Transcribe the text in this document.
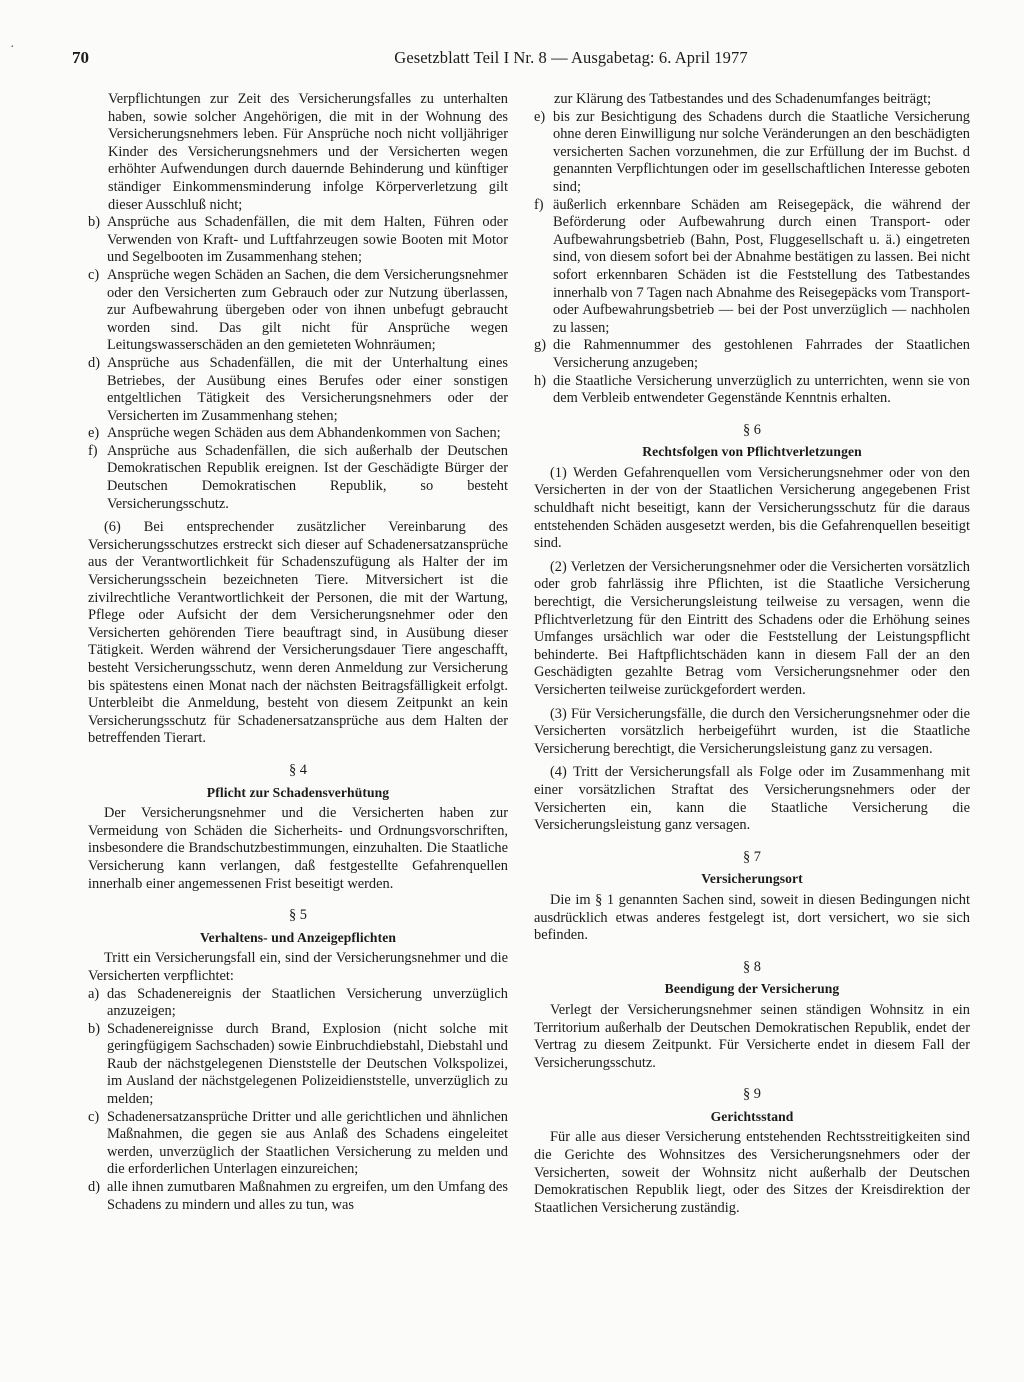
·
70	Gesetzblatt Teil I Nr. 8 — Ausgabetag: 6. April 1977

Verpflichtungen zur Zeit des Versicherungsfalles zu unterhalten haben, sowie solcher Angehörigen, die mit in der Wohnung des Versicherungsnehmers leben. Für Ansprüche noch nicht volljähriger Kinder des Versicherungsnehmers und der Versicherten wegen erhöhter Aufwendungen durch dauernde Behinderung und künftiger ständiger Einkommensminderung infolge Körperverletzung gilt dieser Ausschluß nicht;

b) Ansprüche aus Schadenfällen, die mit dem Halten, Führen oder Verwenden von Kraft- und Luftfahrzeugen sowie Booten mit Motor und Segelbooten im Zusammenhang stehen;
c) Ansprüche wegen Schäden an Sachen, die dem Versicherungsnehmer oder den Versicherten zum Gebrauch oder zur Nutzung überlassen, zur Aufbewahrung übergeben oder von ihnen unbefugt gebraucht worden sind. Das gilt nicht für Ansprüche wegen Leitungswasserschäden an den gemieteten Wohnräumen;
d) Ansprüche aus Schadenfällen, die mit der Unterhaltung eines Betriebes, der Ausübung eines Berufes oder einer sonstigen entgeltlichen Tätigkeit des Versicherungsnehmers oder der Versicherten im Zusammenhang stehen;
e) Ansprüche wegen Schäden aus dem Abhandenkommen von Sachen;
f) Ansprüche aus Schadenfällen, die sich außerhalb der Deutschen Demokratischen Republik ereignen. Ist der Geschädigte Bürger der Deutschen Demokratischen Republik, so besteht Versicherungsschutz.

(6) Bei entsprechender zusätzlicher Vereinbarung des Versicherungsschutzes erstreckt sich dieser auf Schadenersatzansprüche aus der Verantwortlichkeit für Schadenszufügung als Halter der im Versicherungsschein bezeichneten Tiere. Mitversichert ist die zivilrechtliche Verantwortlichkeit der Personen, die mit der Wartung, Pflege oder Aufsicht der dem Versicherungsnehmer oder den Versicherten gehörenden Tiere beauftragt sind, in Ausübung dieser Tätigkeit. Werden während der Versicherungsdauer Tiere angeschafft, besteht Versicherungsschutz, wenn deren Anmeldung zur Versicherung bis spätestens einen Monat nach der nächsten Beitragsfälligkeit erfolgt. Unterbleibt die Anmeldung, besteht von diesem Zeitpunkt an kein Versicherungsschutz für Schadenersatzansprüche aus dem Halten der betreffenden Tierart.

§ 4
Pflicht zur Schadensverhütung

Der Versicherungsnehmer und die Versicherten haben zur Vermeidung von Schäden die Sicherheits- und Ordnungsvorschriften, insbesondere die Brandschutzbestimmungen, einzuhalten. Die Staatliche Versicherung kann verlangen, daß festgestellte Gefahrenquellen innerhalb einer angemessenen Frist beseitigt werden.

§ 5
Verhaltens- und Anzeigepflichten

Tritt ein Versicherungsfall ein, sind der Versicherungsnehmer und die Versicherten verpflichtet:

a) das Schadenereignis der Staatlichen Versicherung unverzüglich anzuzeigen;
b) Schadenereignisse durch Brand, Explosion (nicht solche mit geringfügigem Sachschaden) sowie Einbruchdiebstahl, Diebstahl und Raub der nächstgelegenen Dienststelle der Deutschen Volkspolizei, im Ausland der nächstgelegenen Polizeidienststelle, unverzüglich zu melden;
c) Schadenersatzansprüche Dritter und alle gerichtlichen und ähnlichen Maßnahmen, die gegen sie aus Anlaß des Schadens eingeleitet werden, unverzüglich der Staatlichen Versicherung zu melden und die erforderlichen Unterlagen einzureichen;
d) alle ihnen zumutbaren Maßnahmen zu ergreifen, um den Umfang des Schadens zu mindern und alles zu tun, was

zur Klärung des Tatbestandes und des Schadenumfanges beiträgt;

e) bis zur Besichtigung des Schadens durch die Staatliche Versicherung ohne deren Einwilligung nur solche Veränderungen an den beschädigten versicherten Sachen vorzunehmen, die zur Erfüllung der im Buchst. d genannten Verpflichtungen oder im gesellschaftlichen Interesse geboten sind;
f) äußerlich erkennbare Schäden am Reisegepäck, die während der Beförderung oder Aufbewahrung durch einen Transport- oder Aufbewahrungsbetrieb (Bahn, Post, Fluggesellschaft u. ä.) eingetreten sind, von diesem sofort bei der Abnahme bestätigen zu lassen. Bei nicht sofort erkennbaren Schäden ist die Feststellung des Tatbestandes innerhalb von 7 Tagen nach Abnahme des Reisegepäcks vom Transport- oder Aufbewahrungsbetrieb — bei der Post unverzüglich — nachholen zu lassen;
g) die Rahmennummer des gestohlenen Fahrrades der Staatlichen Versicherung anzugeben;
h) die Staatliche Versicherung unverzüglich zu unterrichten, wenn sie von dem Verbleib entwendeter Gegenstände Kenntnis erhalten.
§ 6
Rechtsfolgen von Pflichtverletzungen

(1) Werden Gefahrenquellen vom Versicherungsnehmer oder von den Versicherten in der von der Staatlichen Versicherung angegebenen Frist schuldhaft nicht beseitigt, kann der Versicherungsschutz für die daraus entstehenden Schäden ausgesetzt werden, bis die Gefahrenquellen beseitigt sind.

(2) Verletzen der Versicherungsnehmer oder die Versicherten vorsätzlich oder grob fahrlässig ihre Pflichten, ist die Staatliche Versicherung berechtigt, die Versicherungsleistung teilweise zu versagen, wenn die Pflichtverletzung für den Eintritt des Schadens oder die Erhöhung seines Umfanges ursächlich war oder die Feststellung der Leistungspflicht behinderte. Bei Haftpflichtschäden kann in diesem Fall der an den Geschädigten gezahlte Betrag vom Versicherungsnehmer oder den Versicherten teilweise zurückgefordert werden.

(3) Für Versicherungsfälle, die durch den Versicherungsnehmer oder die Versicherten vorsätzlich herbeigeführt wurden, ist die Staatliche Versicherung berechtigt, die Versicherungsleistung ganz zu versagen.

(4) Tritt der Versicherungsfall als Folge oder im Zusammenhang mit einer vorsätzlichen Straftat des Versicherungsnehmers oder der Versicherten ein, kann die Staatliche Versicherung die Versicherungsleistung ganz versagen.

§ 7
Versicherungsort

Die im § 1 genannten Sachen sind, soweit in diesen Bedingungen nicht ausdrücklich etwas anderes festgelegt ist, dort versichert, wo sie sich befinden.

§ 8
Beendigung der Versicherung

Verlegt der Versicherungsnehmer seinen ständigen Wohnsitz in ein Territorium außerhalb der Deutschen Demokratischen Republik, endet der Vertrag zu diesem Zeitpunkt. Für Versicherte endet in diesem Fall der Versicherungsschutz.

§ 9
Gerichtsstand

Für alle aus dieser Versicherung entstehenden Rechtsstreitigkeiten sind die Gerichte des Wohnsitzes des Versicherungsnehmers oder der Versicherten, soweit der Wohnsitz nicht außerhalb der Deutschen Demokratischen Republik liegt, oder des Sitzes der Kreisdirektion der Staatlichen Versicherung zuständig.
